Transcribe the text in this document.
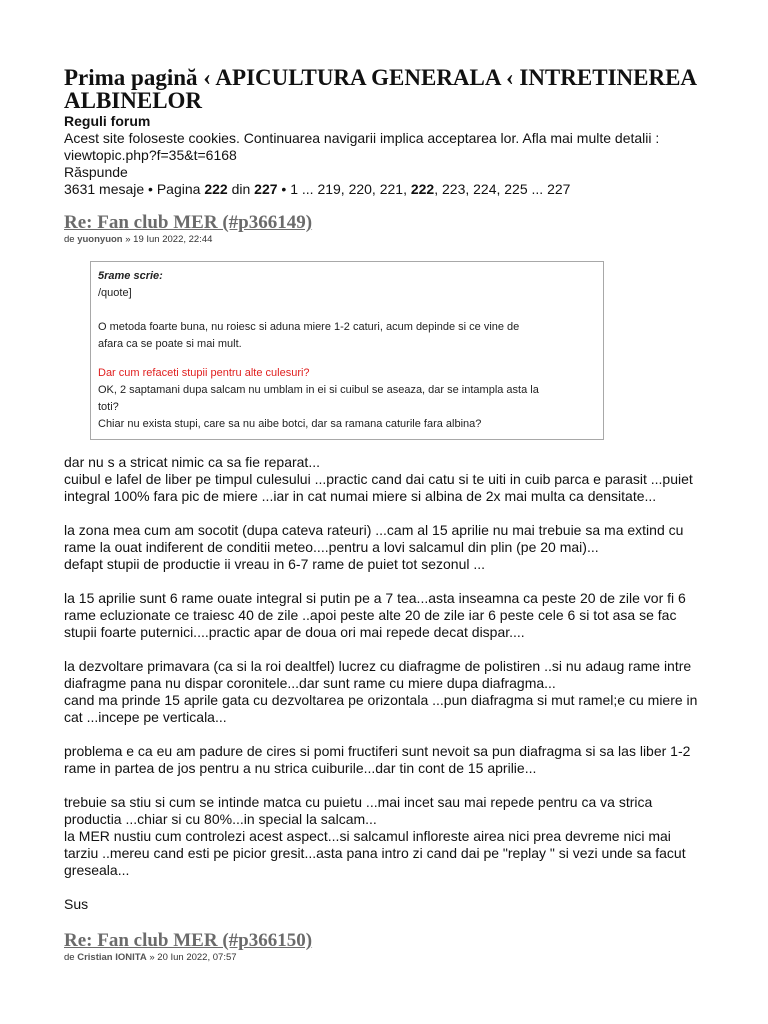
Prima pagină ‹ APICULTURA GENERALA ‹ INTRETINEREA
ALBINELOR
Reguli forum
Acest site foloseste cookies. Continuarea navigarii implica acceptarea lor. Afla mai multe detalii :
viewtopic.php?f=35&t=6168
Răspunde
3631 mesaje • Pagina 222 din 227 • 1 ... 219, 220, 221, 222, 223, 224, 225 ... 227
Re: Fan club MER (#p366149)
de yuonyuon » 19 Iun 2022, 22:44
5rame scrie:
/quote]
O metoda foarte buna, nu roiesc si aduna miere 1-2 caturi, acum depinde si ce vine de
afara ca se poate si mai mult.
Dar cum refaceti stupii pentru alte culesuri?
OK, 2 saptamani dupa salcam nu umblam in ei si cuibul se aseaza, dar se intampla asta la
toti?
Chiar nu exista stupi, care sa nu aibe botci, dar sa ramana caturile fara albina?

dar nu s a stricat nimic ca sa fie reparat...

cuibul e lafel de liber pe timpul culesului ...practic cand dai catu si te uiti in cuib parca e parasit ...puiet

integral 100% fara pic de miere ...iar in cat numai miere si albina de 2x mai multa ca densitate...

la zona mea cum am socotit (dupa cateva rateuri) ...cam al 15 aprilie nu mai trebuie sa ma extind cu

rame la ouat indiferent de conditii meteo....pentru a lovi salcamul din plin (pe 20 mai)...

defapt stupii de productie ii vreau in 6-7 rame de puiet tot sezonul ...

la 15 aprilie sunt 6 rame ouate integral si putin pe a 7 tea...asta inseamna ca peste 20 de zile vor fi 6

rame ecluzionate ce traiesc 40 de zile ..apoi peste alte 20 de zile iar 6 peste cele 6 si tot asa se fac

stupii foarte puternici....practic apar de doua ori mai repede decat dispar....

la dezvoltare primavara (ca si la roi dealtfel) lucrez cu diafragme de polistiren ..si nu adaug rame intre

diafragme pana nu dispar coronitele...dar sunt rame cu miere dupa diafragma...

cand ma prinde 15 aprile gata cu dezvoltarea pe orizontala ...pun diafragma si mut ramel;e cu miere in

cat ...incepe pe verticala...

problema e ca eu am padure de cires si pomi fructiferi sunt nevoit sa pun diafragma si sa las liber 1-2

rame in partea de jos pentru a nu strica cuiburile...dar tin cont de 15 aprilie...

trebuie sa stiu si cum se intinde matca cu puietu ...mai incet sau mai repede pentru ca va strica

productia ...chiar si cu 80%...in special la salcam...

la MER nustiu cum controlezi acest aspect...si salcamul infloreste airea nici prea devreme nici mai

tarziu ..mereu cand esti pe picior gresit...asta pana intro zi cand dai pe "replay " si vezi unde sa facut

greseala...

Sus

Re: Fan club MER (#p366150)
de Cristian IONITA » 20 Iun 2022, 07:57
